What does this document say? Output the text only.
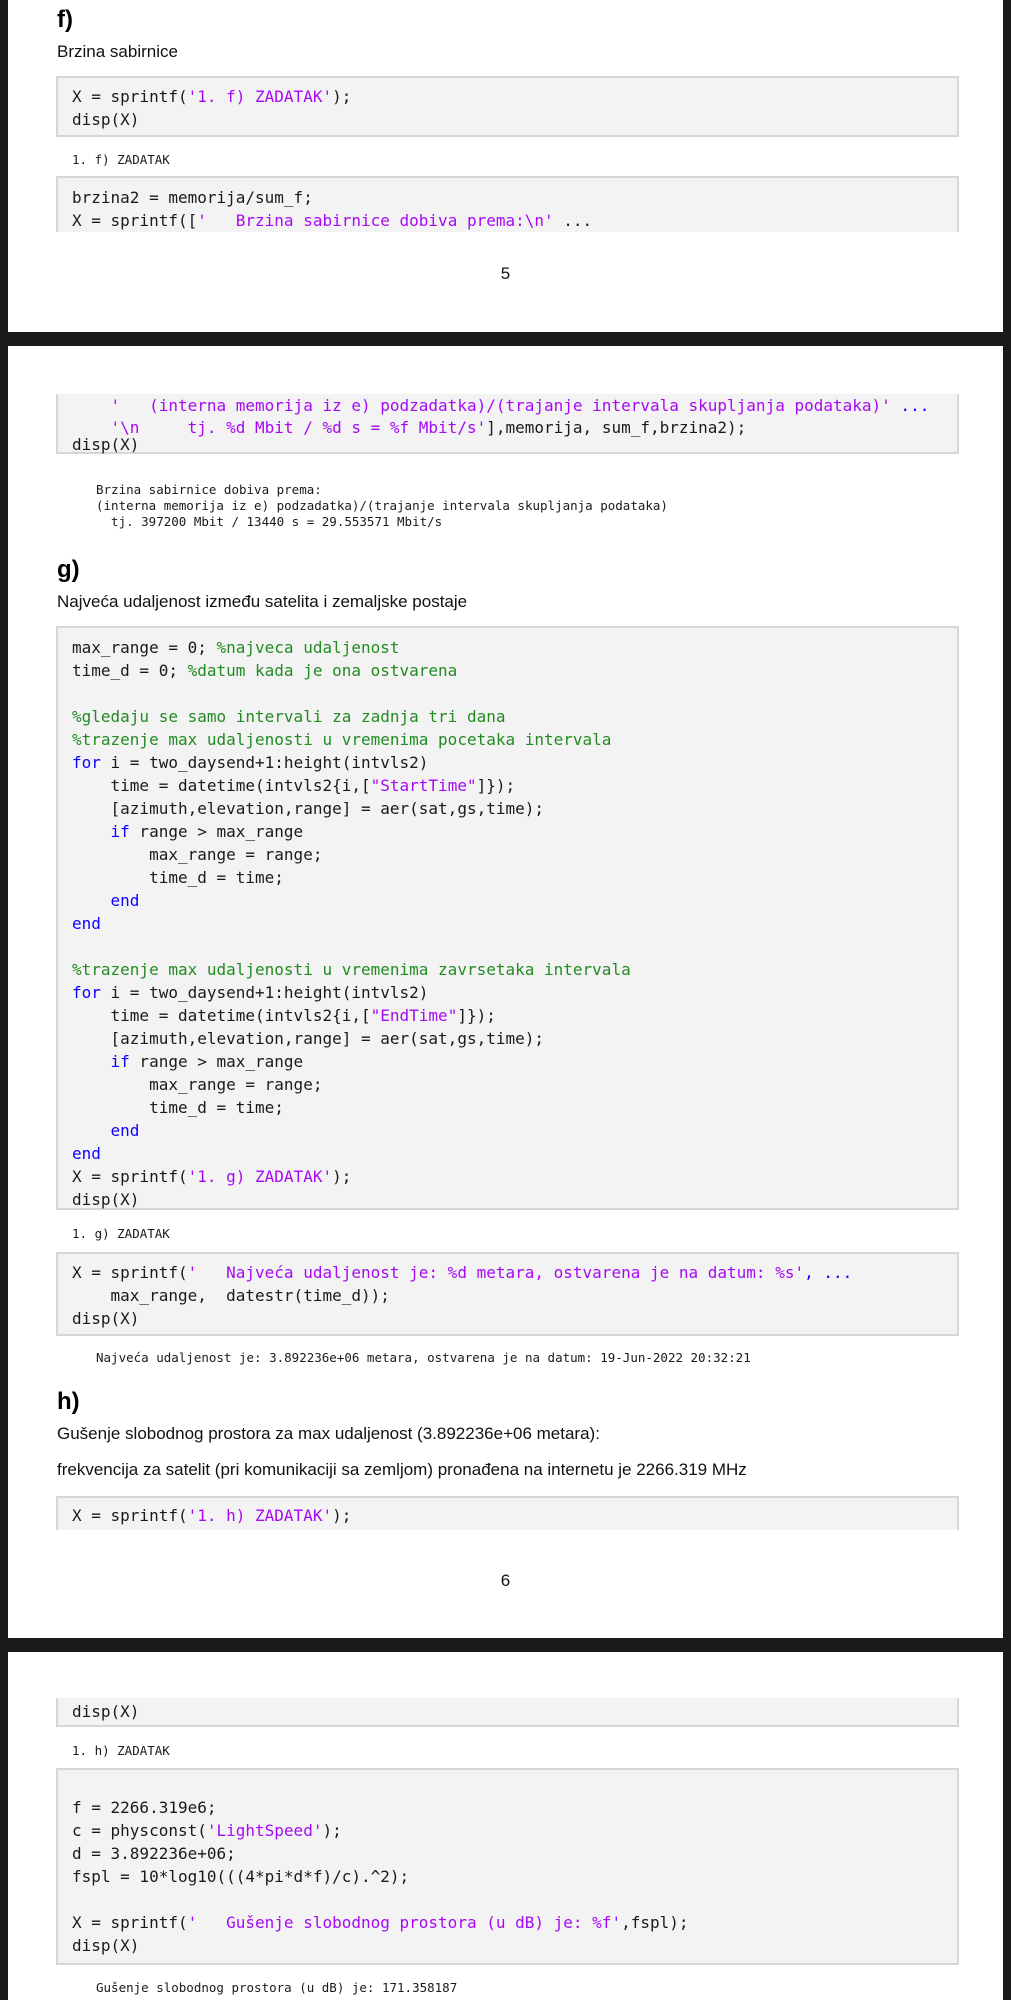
f)
Brzina sabirnice
X = sprintf('1. f) ZADATAK');
disp(X)
1. f) ZADATAK
brzina2 = memorija/sum_f;
X = sprintf(['   Brzina sabirnice dobiva prema:\n' ...
5
'   (interna memorija iz e) podzadatka)/(trajanje intervala skupljanja podataka)' ...
'\n     tj. %d Mbit / %d s = %f Mbit/s'],memorija, sum_f,brzina2);
disp(X)
Brzina sabirnice dobiva prema:
(interna memorija iz e) podzadatka)/(trajanje intervala skupljanja podataka)
tj. 397200 Mbit / 13440 s = 29.553571 Mbit/s
g)
Najveća udaljenost između satelita i zemaljske postaje
max_range = 0; %najveca udaljenost
time_d = 0; %datum kada je ona ostvarena
%gledaju se samo intervali za zadnja tri dana
%trazenje max udaljenosti u vremenima pocetaka intervala
for i = two_daysend+1:height(intvls2)
time = datetime(intvls2{i,["StartTime"]});
[azimuth,elevation,range] = aer(sat,gs,time);
if range > max_range
max_range = range;
time_d = time;
end
end
%trazenje max udaljenosti u vremenima zavrsetaka intervala
for i = two_daysend+1:height(intvls2)
time = datetime(intvls2{i,["EndTime"]});
[azimuth,elevation,range] = aer(sat,gs,time);
if range > max_range
max_range = range;
time_d = time;
end
end
X = sprintf('1. g) ZADATAK');
disp(X)
1. g) ZADATAK
X = sprintf('   Najveća udaljenost je: %d metara, ostvarena je na datum: %s', ...
max_range,  datestr(time_d));
disp(X)
Najveća udaljenost je: 3.892236e+06 metara, ostvarena je na datum: 19-Jun-2022 20:32:21
h)
Gušenje slobodnog prostora za max udaljenost (3.892236e+06 metara):
frekvencija za satelit (pri komunikaciji sa zemljom) pronađena na internetu je 2266.319 MHz
X = sprintf('1. h) ZADATAK');
6
disp(X)
1. h) ZADATAK
f = 2266.319e6;
c = physconst('LightSpeed');
d = 3.892236e+06;
fspl = 10*log10(((4*pi*d*f)/c).^2);
X = sprintf('   Gušenje slobodnog prostora (u dB) je: %f',fspl);
disp(X)
Gušenje slobodnog prostora (u dB) je: 171.358187
